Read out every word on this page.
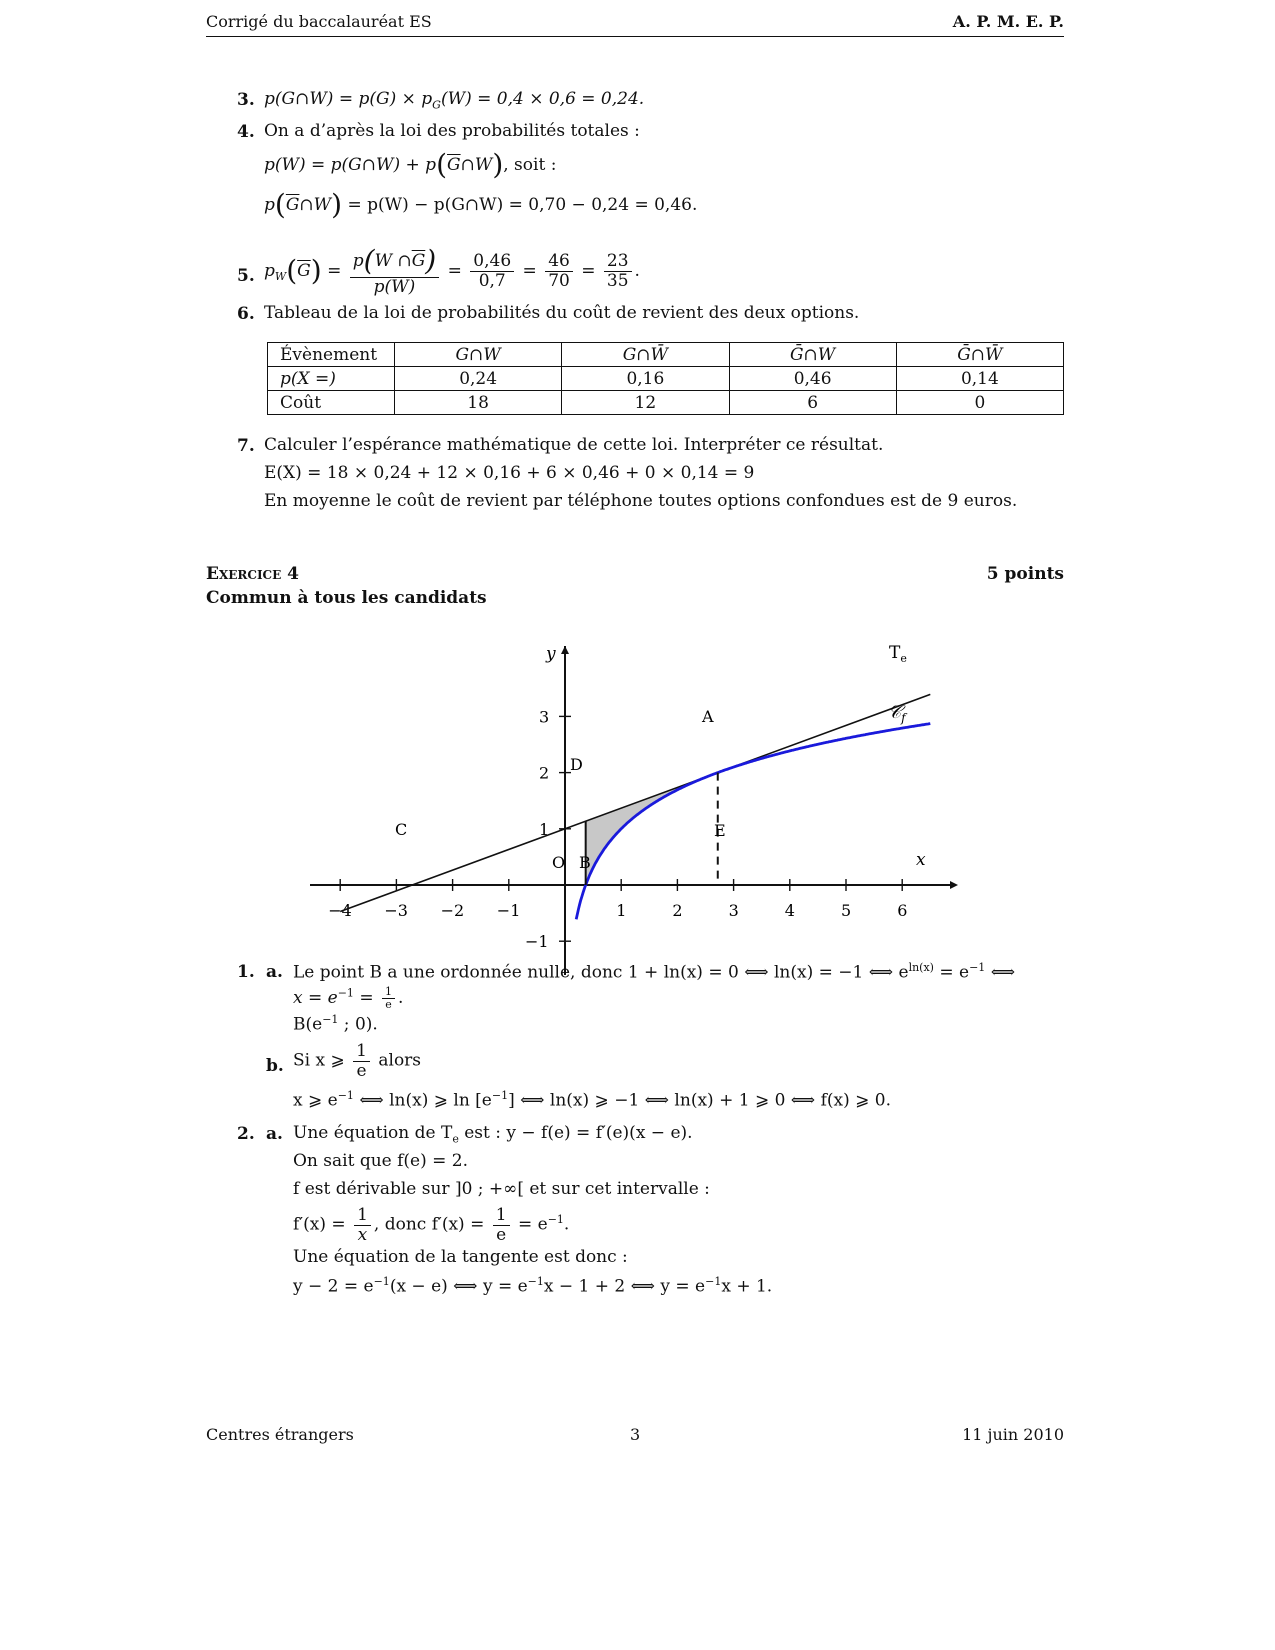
Corrigé du baccalauréat ES	A. P. M. E. P.
3. p(G∩W) = $p(G) \times p_G(W) = 0,4 \times 0,6 = 0,24$.
4. On a d’après la loi des probabilités totales :
p(W) = p(G∩W) + $p(\overline{G}\cap W)$, soit :
$p(\overline{G}\cap W) = p(W)$ − p(G∩W) = 0,70 − 0,24 = 0,46.
5. $p_W(\overline{G}) = \frac{p(W \cap\overline{G})}{p(W)} = \frac{0,46}{0,7} = \frac{46}{70} = \frac{23}{35}$ .
6. Tableau de la loi de probabilités du coût de revient des deux options.
Évènement	G∩W	G∩W̄	Ḡ∩W	Ḡ∩W̄
p(X =)	0,24	0,16	0,46	0,14
Coût	18	12	6	0
7. Calculer l’espérance mathématique de cette loi. Interpréter ce résultat.
E(X) = 18 × 0,24 + 12 × 0,16 + 6 × 0,46 + 0 × 0,14 = 9
En moyenne le coût de revient par téléphone toutes options confondues est de 9 euros.
Exercice 4	5 points
Commun à tous les candidats
−4 −3 −2 −1	1	2	3	4	5	6
3
2
1
−1
O
A
B
C
D
E
y
x
$T_e$
𝒞$_f$
1. a. Le point B a une ordonnée nulle, donc 1 + ln(x) = 0 ⟺ ln(x) = −1 ⟺ $e^{ln(x)} = e^{-1}$ ⟺
$x = e^{-1} = \frac{1}{e}$ .
$B(e^{-1}$ ; 0).
b. Si x ⩾ $\frac{1}{e}$ alors
x ⩾ $e^{-1}$ ⟺ ln(x) ⩾ $\ln [e^{-1}]$ ⟺ ln(x) ⩾ −1 ⟺ ln(x) + 1 ⩾ 0 ⟺ f(x) ⩾ 0.
2. a. Une équation de $T_e$ est : y − f(e) = f′(e)(x − e).
On sait que f(e) = 2.
f est dérivable sur ]0 ; +∞[ et sur cet intervalle :
$f'(x) = \frac{1}{x}$ , donc $f'(x) = \frac{1}{e} = e^{-1}$.
Une équation de la tangente est donc :
$y - 2 = e^{-1}(x - e)$ ⟺ $y = e^{-1}x - 1 + 2$ ⟺ $y = e^{-1}x + 1$.
Centres étrangers	3	11 juin 2010
